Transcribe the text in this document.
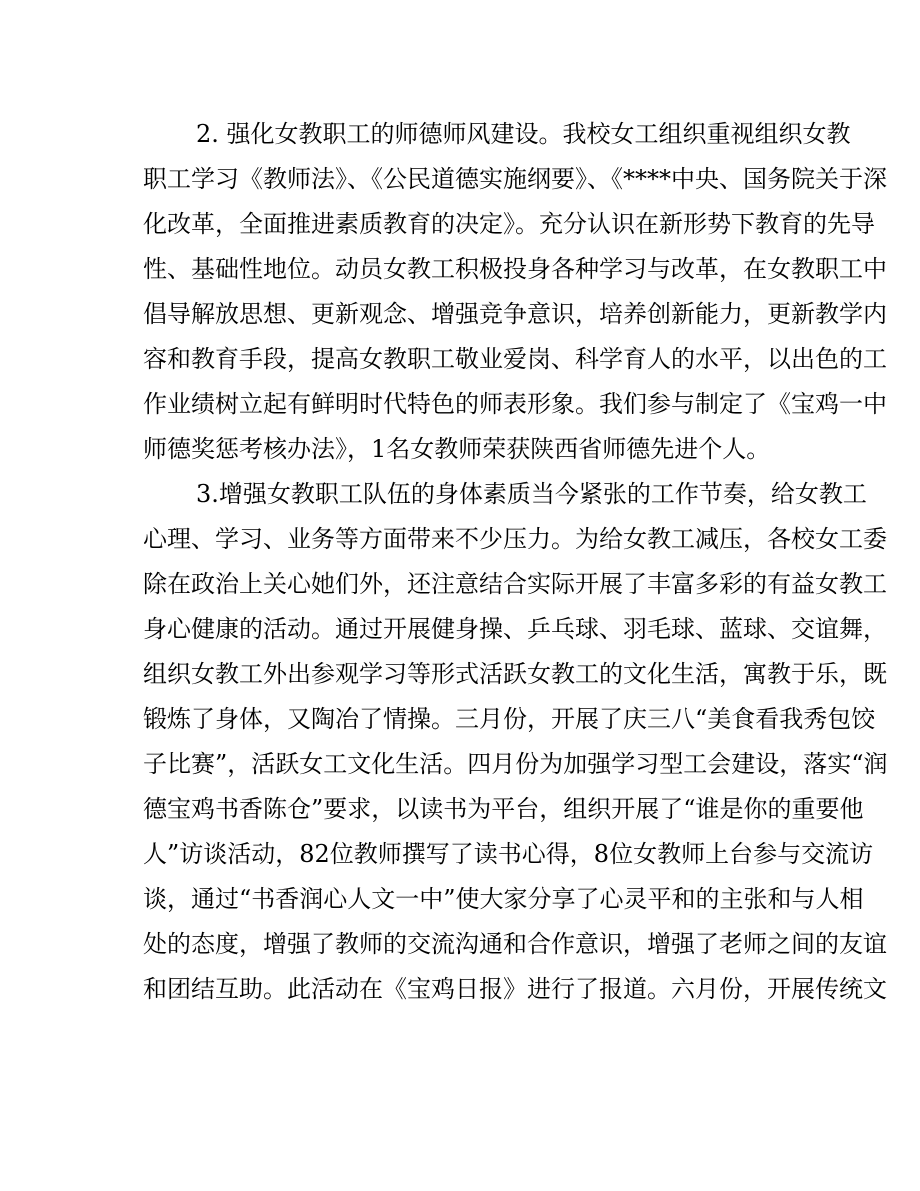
2. 强化女教职工的师德师风建设。我校女工组织重视组织女教
职工学习《教师法》、《公民道德实施纲要》、《****中央、国务院关于深
化改革，全面推进素质教育的决定》。充分认识在新形势下教育的先导
性、基础性地位。动员女教工积极投身各种学习与改革，在女教职工中
倡导解放思想、更新观念、增强竞争意识，培养创新能力，更新教学内
容和教育手段，提高女教职工敬业爱岗、科学育人的水平，以出色的工
作业绩树立起有鲜明时代特色的师表形象。我们参与制定了《宝鸡一中
师德奖惩考核办法》，1名女教师荣获陕西省师德先进个人。
3.增强女教职工队伍的身体素质当今紧张的工作节奏，给女教工
心理、学习、业务等方面带来不少压力。为给女教工减压，各校女工委
除在政治上关心她们外，还注意结合实际开展了丰富多彩的有益女教工
身心健康的活动。通过开展健身操、乒乓球、羽毛球、蓝球、交谊舞，
组织女教工外出参观学习等形式活跃女教工的文化生活，寓教于乐，既
锻炼了身体，又陶冶了情操。三月份，开展了庆三八“美食看我秀包饺
子比赛”，活跃女工文化生活。四月份为加强学习型工会建设，落实“润
德宝鸡书香陈仓”要求，以读书为平台，组织开展了“谁是你的重要他
人”访谈活动，82位教师撰写了读书心得，8位女教师上台参与交流访
谈，通过“书香润心人文一中”使大家分享了心灵平和的主张和与人相
处的态度，增强了教师的交流沟通和合作意识，增强了老师之间的友谊
和团结互助。此活动在《宝鸡日报》进行了报道。六月份，开展传统文
